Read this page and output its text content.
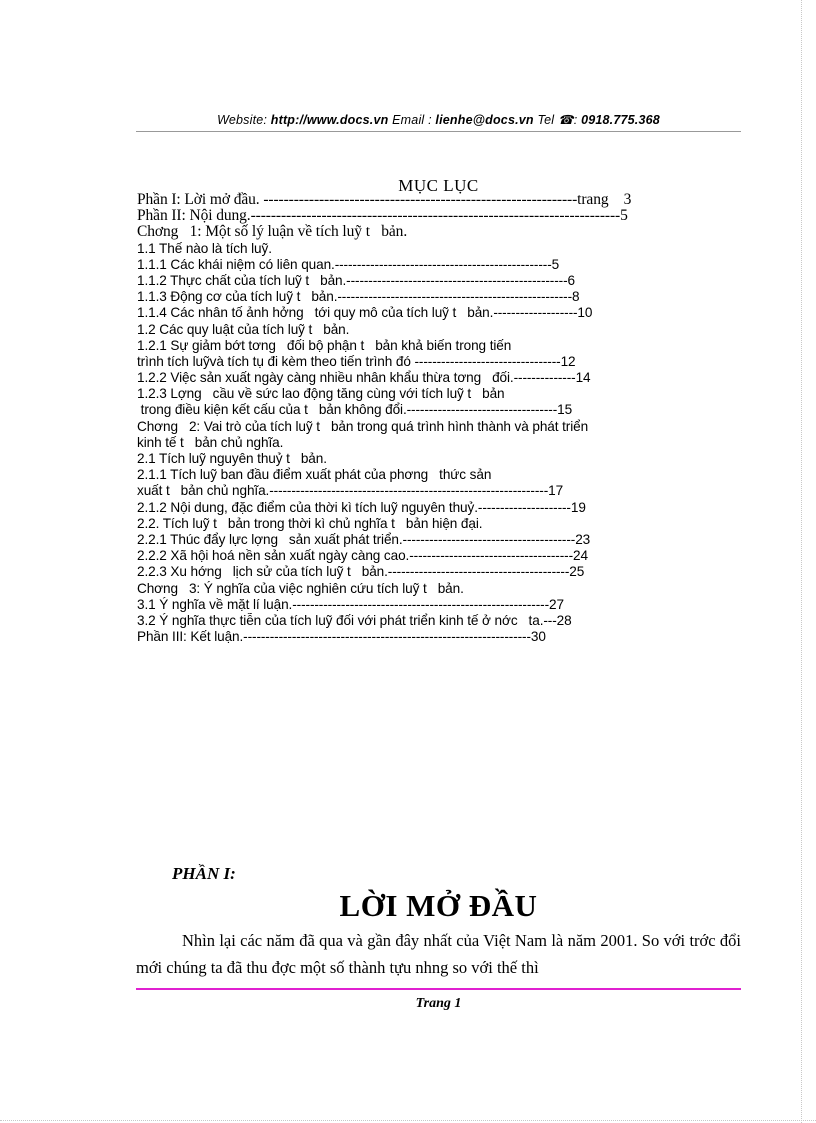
Website: http://www.docs.vn Email : lienhe@docs.vn Tel ☎: 0918.775.368
MỤC LỤC
Phần I: Lời mở đầu. --------------------------------------------------------------trang    3
Phần II: Nội dung.-------------------------------------------------------------------------5
Chơng   1: Một số lý luận về tích luỹ t   bản.
1.1 Thế nào là tích luỹ.
1.1.1 Các khái niệm có liên quan.-------------------------------------------------5
1.1.2 Thực chất của tích luỹ t   bản.--------------------------------------------------6
1.1.3 Động cơ của tích luỹ t   bản.-----------------------------------------------------8
1.1.4 Các nhân tố ảnh hởng   tới quy mô của tích luỹ t   bản.-------------------10
1.2 Các quy luật của tích luỹ t   bản.
1.2.1 Sự giảm bớt tơng   đối bộ phận t   bản khả biến trong tiến
trình tích luỹvà tích tụ đi kèm theo tiến trình đó ---------------------------------12
1.2.2 Việc sản xuất ngày càng nhiều nhân khẩu thừa tơng   đối.--------------14
1.2.3 Lợng   cầu về sức lao động tăng cùng với tích luỹ t   bản
trong điều kiện kết cấu của t   bản không đổi.----------------------------------15
Chơng   2: Vai trò của tích luỹ t   bản trong quá trình hình thành và phát triển
kinh tế t   bản chủ nghĩa.
2.1 Tích luỹ nguyên thuỷ t   bản.
2.1.1 Tích luỹ ban đầu điểm xuất phát của phơng   thức sản
xuất t   bản chủ nghĩa.---------------------------------------------------------------17
2.1.2 Nội dung, đặc điểm của thời kì tích luỹ nguyên thuỷ.---------------------19
2.2. Tích luỹ t   bản trong thời kì chủ nghĩa t   bản hiện đại.
2.2.1 Thúc đẩy lực lợng   sản xuất phát triển.---------------------------------------23
2.2.2 Xã hội hoá nền sản xuất ngày càng cao.-------------------------------------24
2.2.3 Xu hớng   lịch sử của tích luỹ t   bản.-----------------------------------------25
Chơng   3: Ý nghĩa của việc nghiên cứu tích luỹ t   bản.
3.1 Ý nghĩa về mặt lí luận.----------------------------------------------------------27
3.2 Ý nghĩa thực tiễn của tích luỹ đối với phát triển kinh tế ở nớc   ta.---28
Phần III: Kết luận.-----------------------------------------------------------------30
PHẦN I:
LỜI MỞ ĐẦU
Nhìn lại các năm đã qua và gần đây nhất của Việt Nam là năm 2001. So với trớc đổi mới chúng ta đã thu đợc một số thành tựu nhng so với thế thì
Trang 1
